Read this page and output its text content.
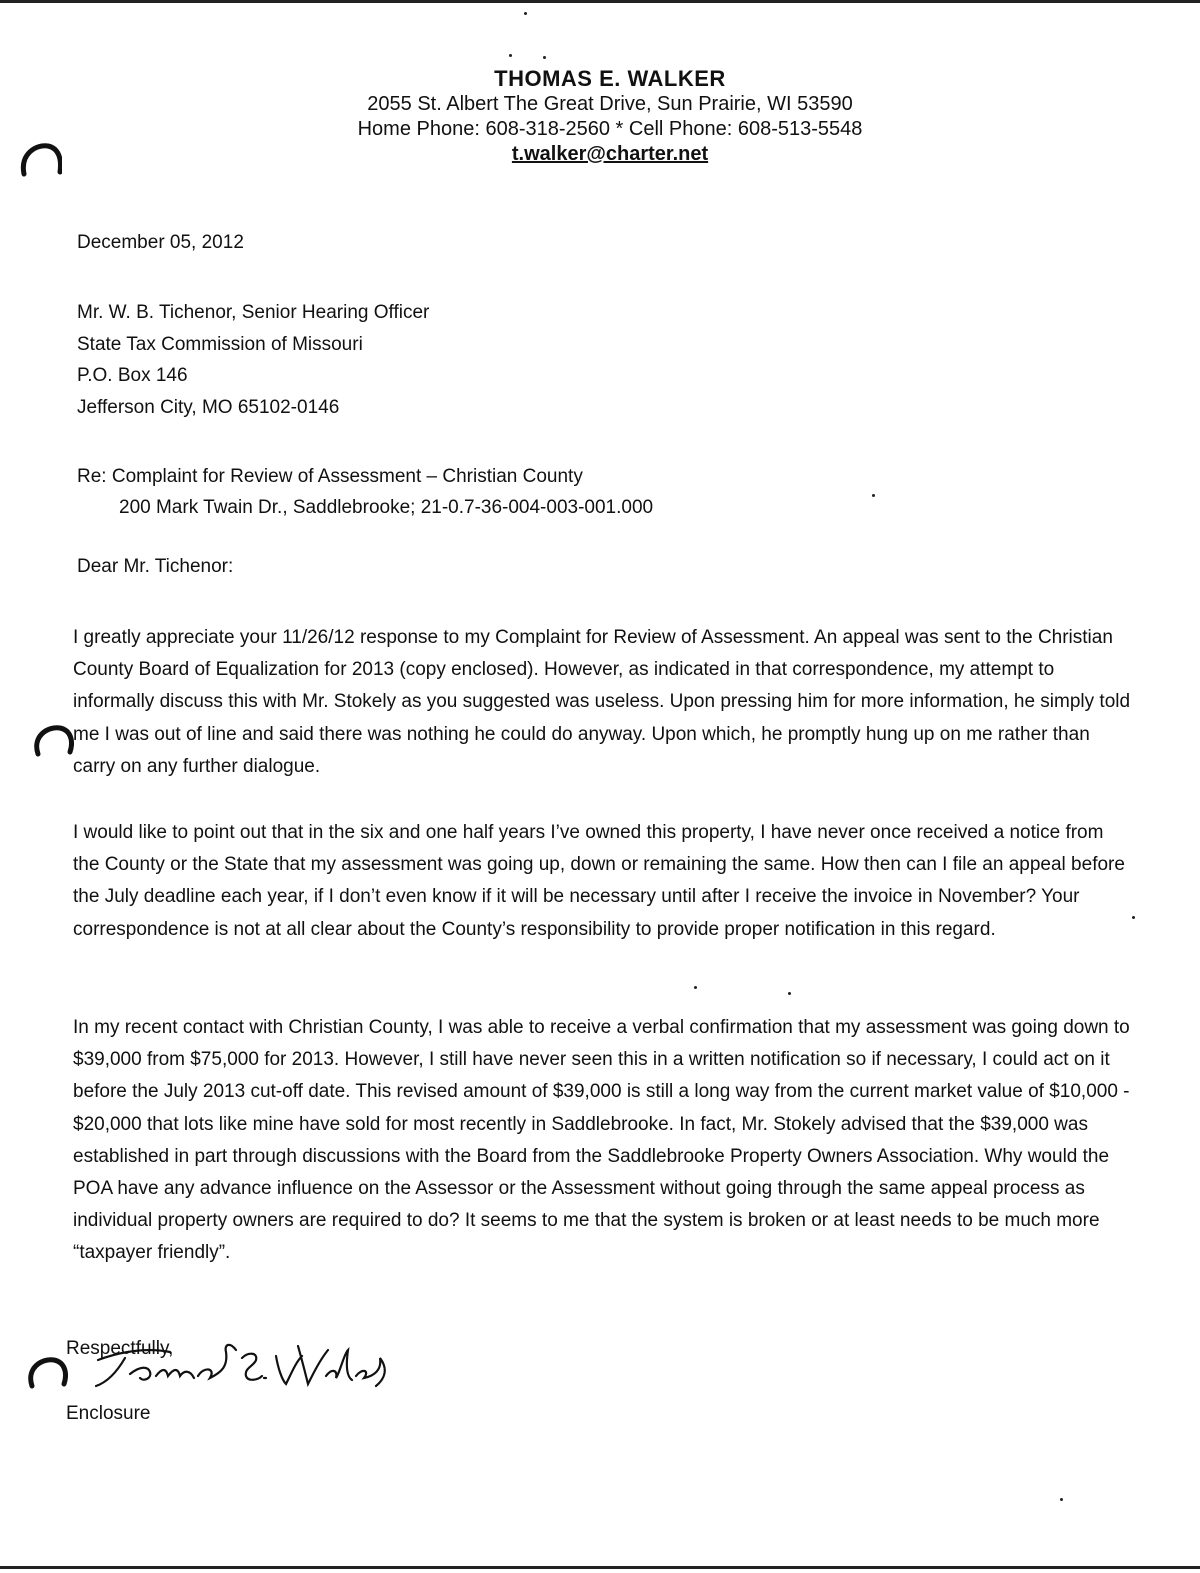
THOMAS E. WALKER
2055 St. Albert The Great Drive, Sun Prairie, WI 53590
Home Phone: 608-318-2560 * Cell Phone: 608-513-5548
t.walker@charter.net
December 05, 2012
Mr. W. B. Tichenor, Senior Hearing Officer
State Tax Commission of Missouri
P.O. Box 146
Jefferson City, MO 65102-0146
Re: Complaint for Review of Assessment – Christian County
200 Mark Twain Dr., Saddlebrooke; 21-0.7-36-004-003-001.000
Dear Mr. Tichenor:
I greatly appreciate your 11/26/12 response to my Complaint for Review of Assessment. An appeal was sent to the Christian County Board of Equalization for 2013 (copy enclosed). However, as indicated in that correspondence, my attempt to informally discuss this with Mr. Stokely as you suggested was useless. Upon pressing him for more information, he simply told me I was out of line and said there was nothing he could do anyway. Upon which, he promptly hung up on me rather than carry on any further dialogue.
I would like to point out that in the six and one half years I’ve owned this property, I have never once received a notice from the County or the State that my assessment was going up, down or remaining the same. How then can I file an appeal before the July deadline each year, if I don’t even know if it will be necessary until after I receive the invoice in November? Your correspondence is not at all clear about the County’s responsibility to provide proper notification in this regard.
In my recent contact with Christian County, I was able to receive a verbal confirmation that my assessment was going down to $39,000 from $75,000 for 2013. However, I still have never seen this in a written notification so if necessary, I could act on it before the July 2013 cut-off date. This revised amount of $39,000 is still a long way from the current market value of $10,000 - $20,000 that lots like mine have sold for most recently in Saddlebrooke. In fact, Mr. Stokely advised that the $39,000 was established in part through discussions with the Board from the Saddlebrooke Property Owners Association. Why would the POA have any advance influence on the Assessor or the Assessment without going through the same appeal process as individual property owners are required to do? It seems to me that the system is broken or at least needs to be much more “taxpayer friendly”.
Respectfully,
Enclosure
